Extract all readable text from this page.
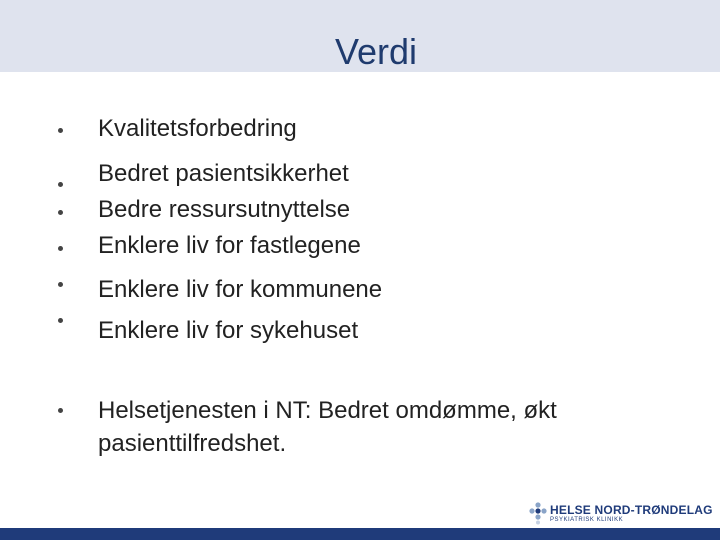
Verdi
Kvalitetsforbedring
Bedret pasientsikkerhet
Bedre ressursutnyttelse
Enklere liv for fastlegene
Enklere liv for kommunene
Enklere liv for sykehuset
Helsetjenesten i NT: Bedret omdømme, økt
pasienttilfredshet.
HELSE NORD-TRØNDELAG
PSYKIATRISK KLINIKK
